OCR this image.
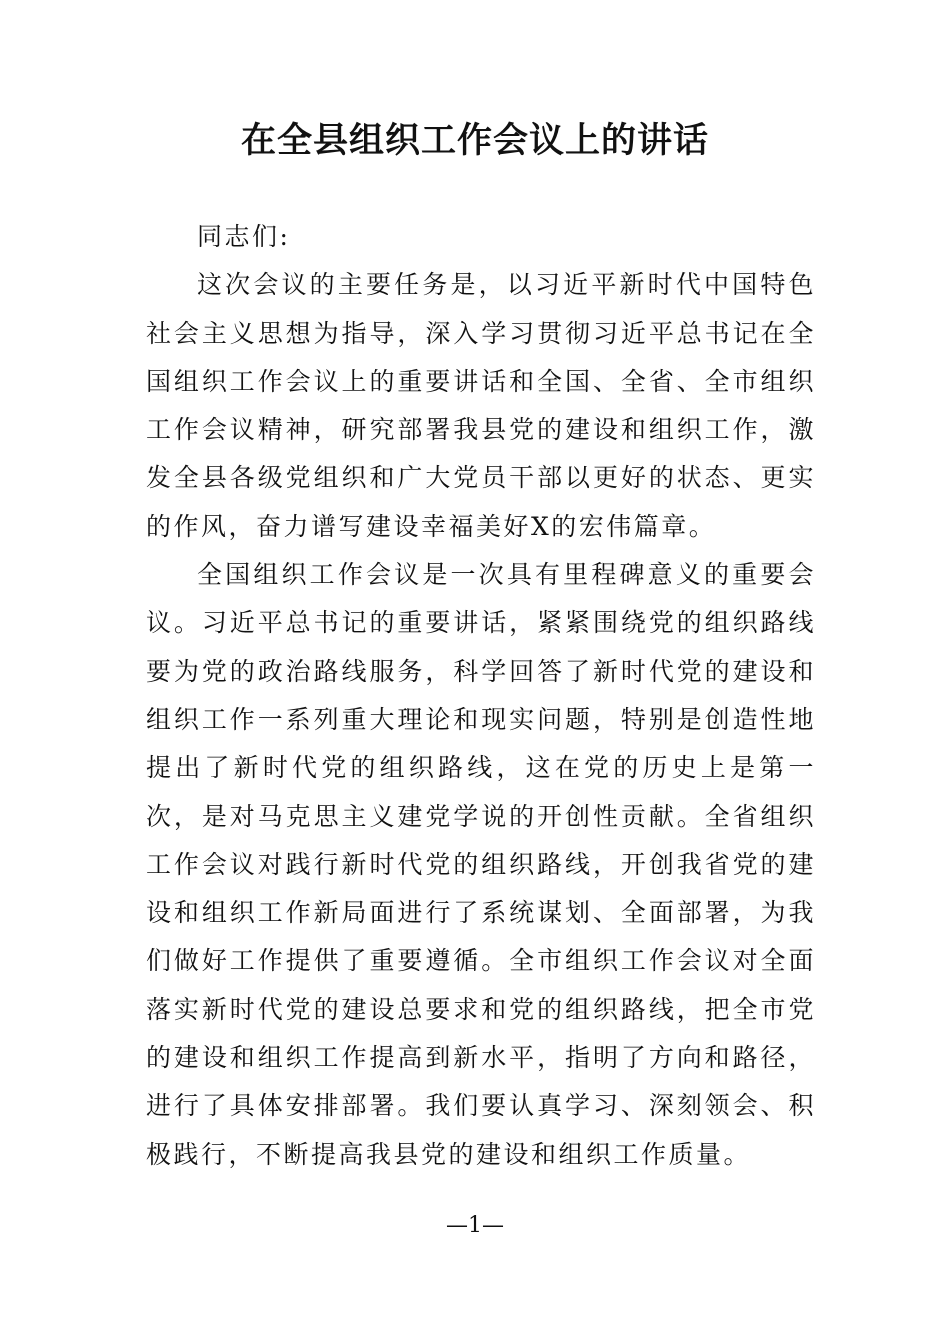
在全县组织工作会议上的讲话

同志们:

这次会议的主要任务是，以习近平新时代中国特色社会主义思想为指导，深入学习贯彻习近平总书记在全国组织工作会议上的重要讲话和全国、全省、全市组织工作会议精神，研究部署我县党的建设和组织工作，激发全县各级党组织和广大党员干部以更好的状态、更实的作风，奋力谱写建设幸福美好X的宏伟篇章。

全国组织工作会议是一次具有里程碑意义的重要会议。习近平总书记的重要讲话，紧紧围绕党的组织路线要为党的政治路线服务，科学回答了新时代党的建设和组织工作一系列重大理论和现实问题，特别是创造性地提出了新时代党的组织路线，这在党的历史上是第一次，是对马克思主义建党学说的开创性贡献。全省组织工作会议对践行新时代党的组织路线，开创我省党的建设和组织工作新局面进行了系统谋划、全面部署，为我们做好工作提供了重要遵循。全市组织工作会议对全面落实新时代党的建设总要求和党的组织路线，把全市党的建设和组织工作提高到新水平，指明了方向和路径，进行了具体安排部署。我们要认真学习、深刻领会、积极践行，不断提高我县党的建设和组织工作质量。

—1—
